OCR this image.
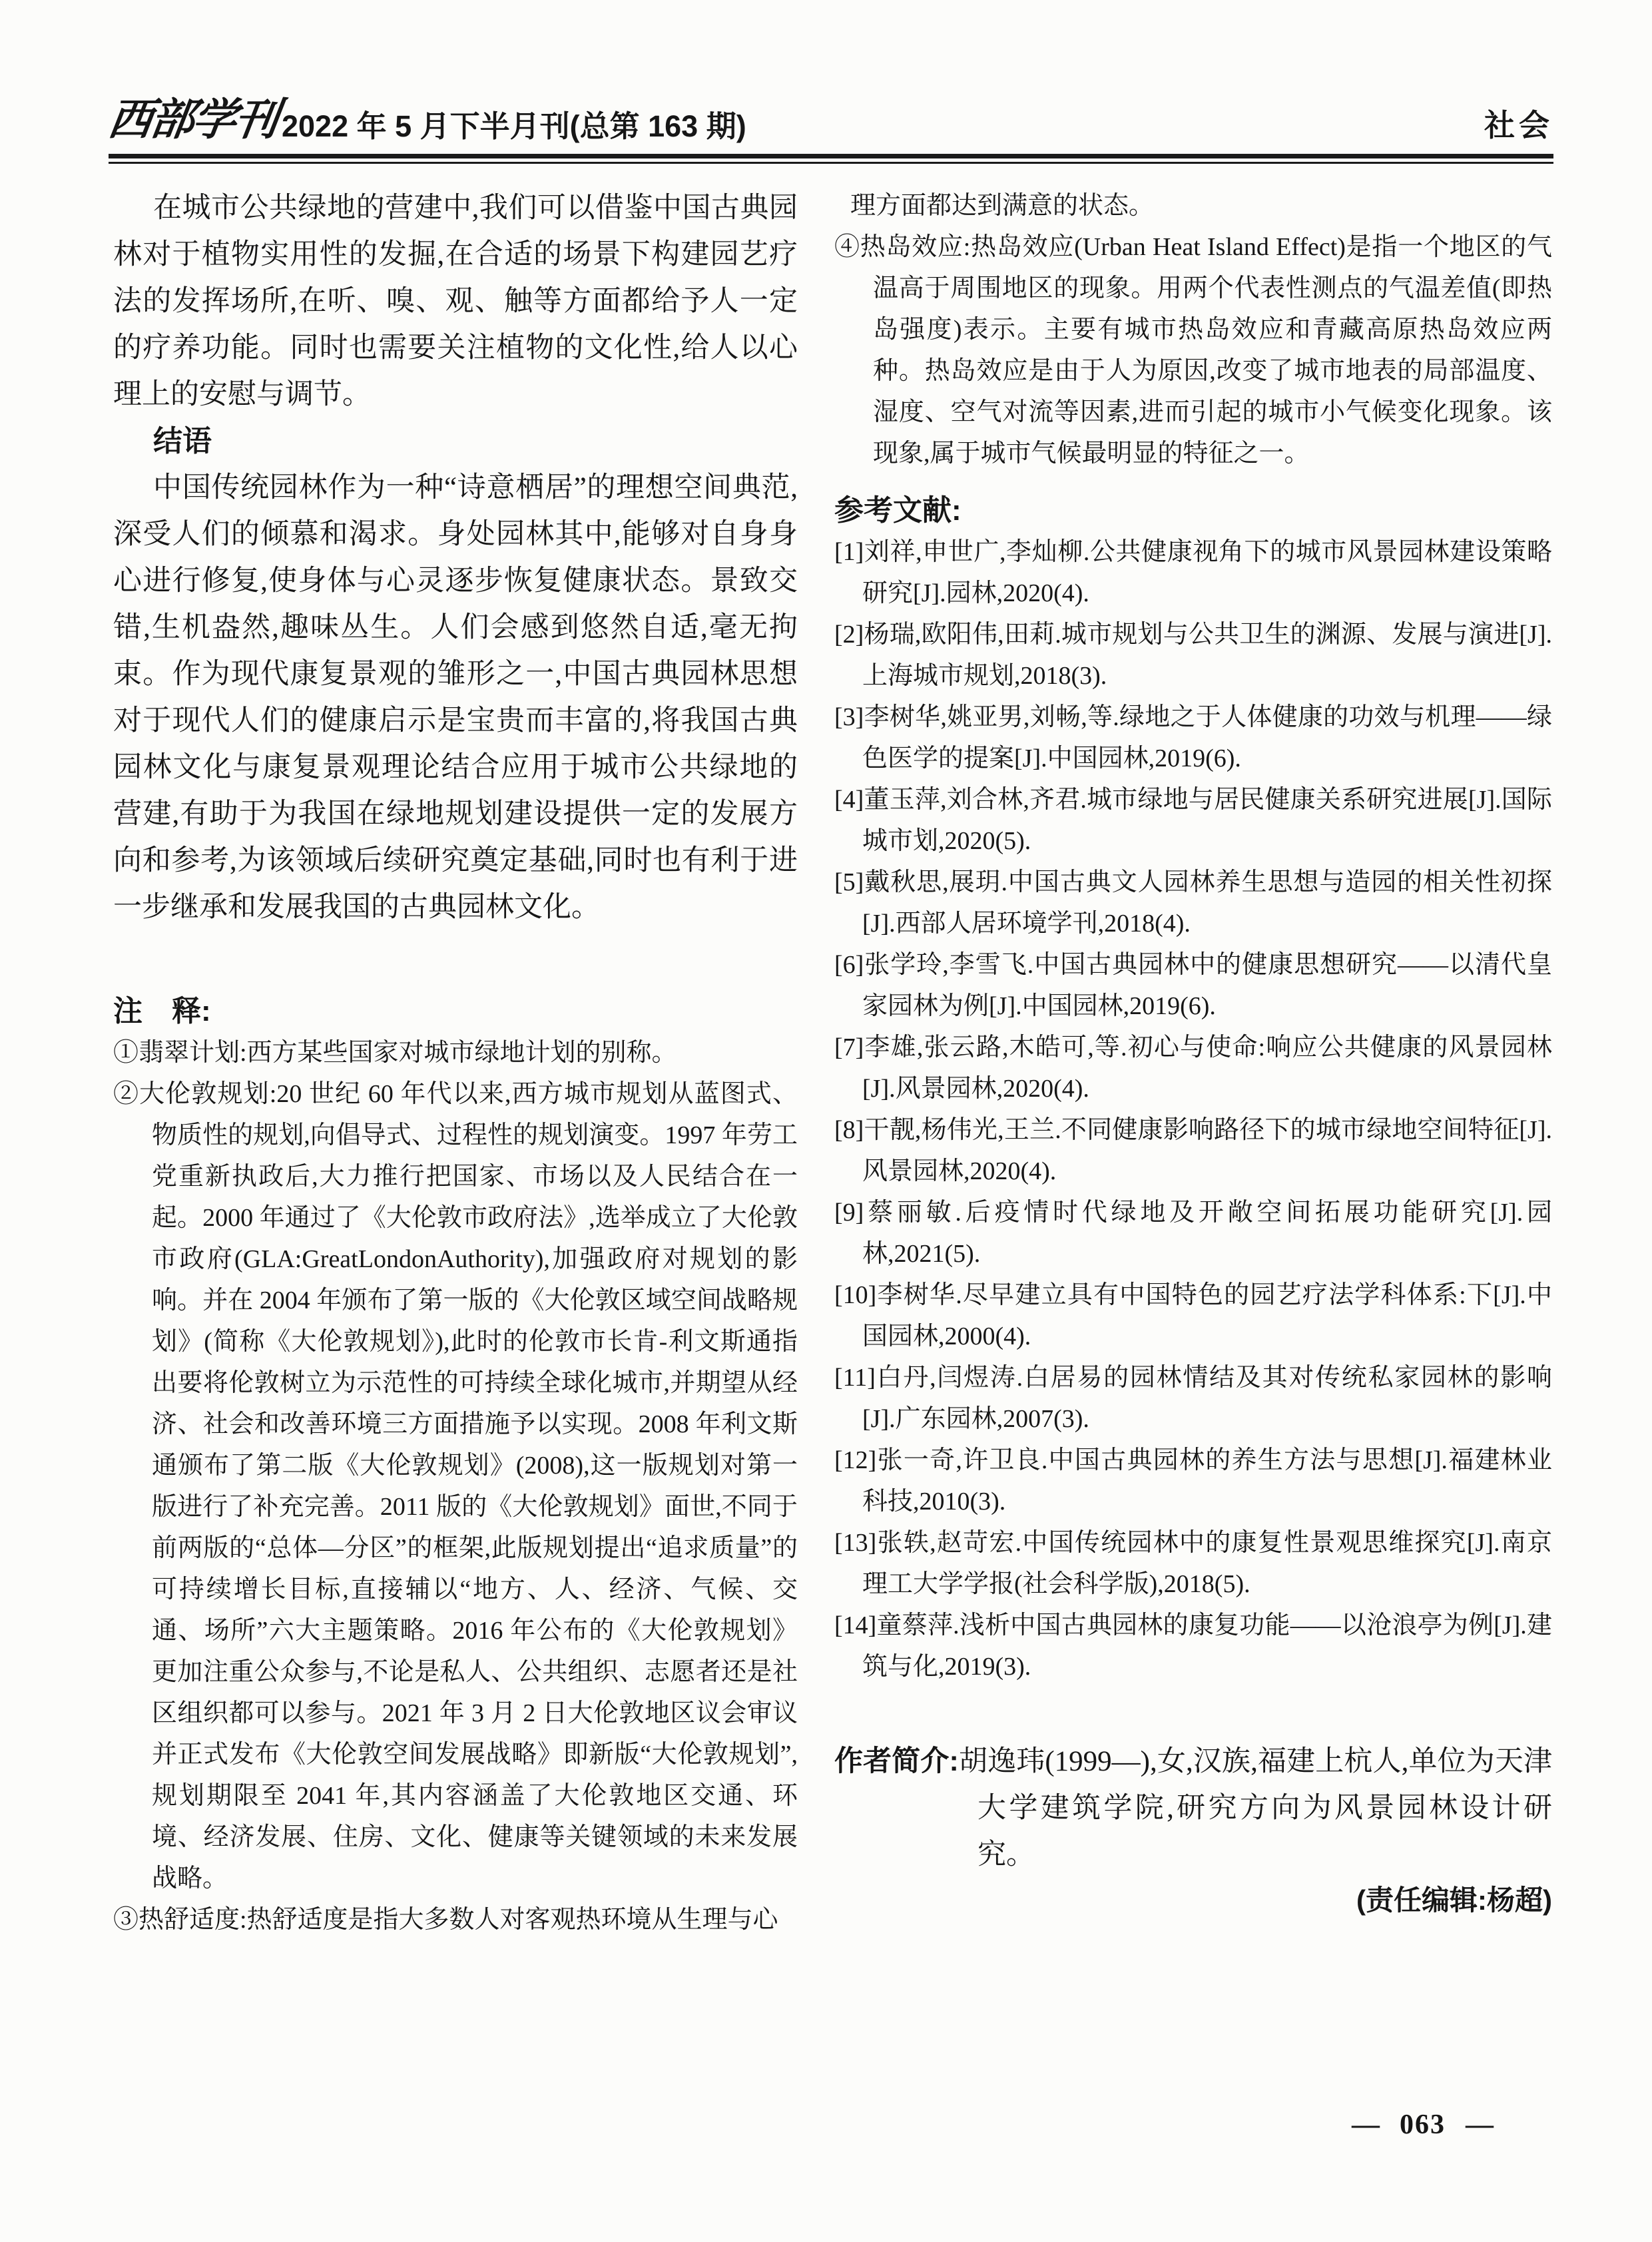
西部学刊 2022 年 5 月下半月刊(总第 163 期)	社会

在城市公共绿地的营建中,我们可以借鉴中国古典园林对于植物实用性的发掘,在合适的场景下构建园艺疗法的发挥场所,在听、嗅、观、触等方面都给予人一定的疗养功能。同时也需要关注植物的文化性,给人以心理上的安慰与调节。

结语

中国传统园林作为一种“诗意栖居”的理想空间典范,深受人们的倾慕和渴求。身处园林其中,能够对自身身心进行修复,使身体与心灵逐步恢复健康状态。景致交错,生机盎然,趣味丛生。人们会感到悠然自适,毫无拘束。作为现代康复景观的雏形之一,中国古典园林思想对于现代人们的健康启示是宝贵而丰富的,将我国古典园林文化与康复景观理论结合应用于城市公共绿地的营建,有助于为我国在绿地规划建设提供一定的发展方向和参考,为该领域后续研究奠定基础,同时也有利于进一步继承和发展我国的古典园林文化。

注　释:
①翡翠计划:西方某些国家对城市绿地计划的别称。
②大伦敦规划:20 世纪 60 年代以来,西方城市规划从蓝图式、物质性的规划,向倡导式、过程性的规划演变。1997 年劳工党重新执政后,大力推行把国家、市场以及人民结合在一起。2000 年通过了《大伦敦市政府法》,选举成立了大伦敦市政府(GLA:GreatLondonAuthority),加强政府对规划的影响。并在 2004 年颁布了第一版的《大伦敦区域空间战略规划》(简称《大伦敦规划》),此时的伦敦市长肯-利文斯通指出要将伦敦树立为示范性的可持续全球化城市,并期望从经济、社会和改善环境三方面措施予以实现。2008 年利文斯通颁布了第二版《大伦敦规划》(2008),这一版规划对第一版进行了补充完善。2011 版的《大伦敦规划》面世,不同于前两版的“总体—分区”的框架,此版规划提出“追求质量”的可持续增长目标,直接辅以“地方、人、经济、气候、交通、场所”六大主题策略。2016 年公布的《大伦敦规划》更加注重公众参与,不论是私人、公共组织、志愿者还是社区组织都可以参与。2021 年 3 月 2 日大伦敦地区议会审议并正式发布《大伦敦空间发展战略》即新版“大伦敦规划”,规划期限至 2041 年,其内容涵盖了大伦敦地区交通、环境、经济发展、住房、文化、健康等关键领域的未来发展战略。
③热舒适度:热舒适度是指大多数人对客观热环境从生理与心
理方面都达到满意的状态。
④热岛效应:热岛效应(Urban Heat Island Effect)是指一个地区的气温高于周围地区的现象。用两个代表性测点的气温差值(即热岛强度)表示。主要有城市热岛效应和青藏高原热岛效应两种。热岛效应是由于人为原因,改变了城市地表的局部温度、湿度、空气对流等因素,进而引起的城市小气候变化现象。该现象,属于城市气候最明显的特征之一。
参考文献:
[1]刘祥,申世广,李灿柳.公共健康视角下的城市风景园林建设策略研究[J].园林,2020(4).
[2]杨瑞,欧阳伟,田莉.城市规划与公共卫生的渊源、发展与演进[J].上海城市规划,2018(3).
[3]李树华,姚亚男,刘畅,等.绿地之于人体健康的功效与机理——绿色医学的提案[J].中国园林,2019(6).
[4]董玉萍,刘合林,齐君.城市绿地与居民健康关系研究进展[J].国际城市划,2020(5).
[5]戴秋思,展玥.中国古典文人园林养生思想与造园的相关性初探[J].西部人居环境学刊,2018(4).
[6]张学玲,李雪飞.中国古典园林中的健康思想研究——以清代皇家园林为例[J].中国园林,2019(6).
[7]李雄,张云路,木皓可,等.初心与使命:响应公共健康的风景园林[J].风景园林,2020(4).
[8]干靓,杨伟光,王兰.不同健康影响路径下的城市绿地空间特征[J].风景园林,2020(4).
[9]蔡丽敏.后疫情时代绿地及开敞空间拓展功能研究[J].园林,2021(5).
[10]李树华.尽早建立具有中国特色的园艺疗法学科体系:下[J].中国园林,2000(4).
[11]白丹,闫煜涛.白居易的园林情结及其对传统私家园林的影响[J].广东园林,2007(3).
[12]张一奇,许卫良.中国古典园林的养生方法与思想[J].福建林业科技,2010(3).
[13]张轶,赵苛宏.中国传统园林中的康复性景观思维探究[J].南京理工大学学报(社会科学版),2018(5).
[14]童蔡萍.浅析中国古典园林的康复功能——以沧浪亭为例[J].建筑与化,2019(3).
作者简介:胡逸玮(1999—),女,汉族,福建上杭人,单位为天津大学建筑学院,研究方向为风景园林设计研究。
(责任编辑:杨超)
— 063 —
